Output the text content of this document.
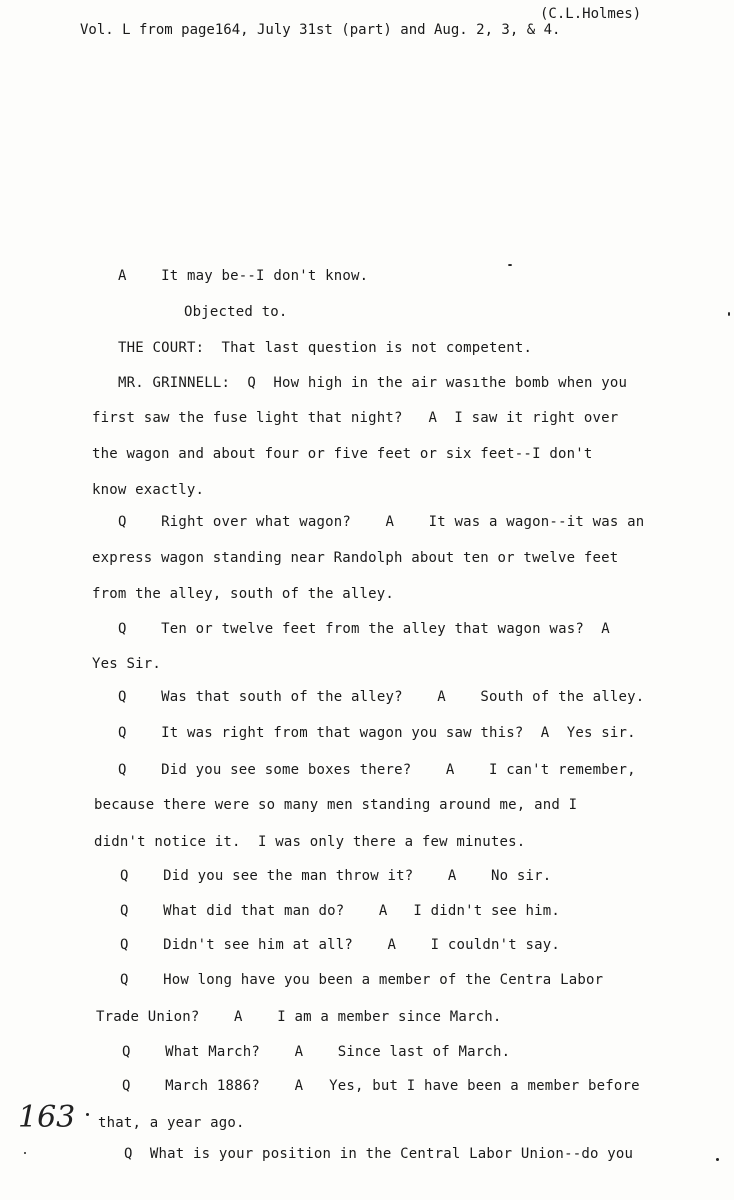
(C.L.Holmes)
Vol. L from page164, July 31st (part) and Aug. 2, 3, & 4.
A    It may be--I don't know.
Objected to.
THE COURT:  That last question is not competent.
MR. GRINNELL:  Q  How high in the air wasıthe bomb when you
first saw the fuse light that night?   A  I saw it right over
the wagon and about four or five feet or six feet--I don't
know exactly.
Q    Right over what wagon?    A    It was a wagon--it was an
express wagon standing near Randolph about ten or twelve feet
from the alley, south of the alley.
Q    Ten or twelve feet from the alley that wagon was?  A
Yes Sir.
Q    Was that south of the alley?    A    South of the alley.
Q    It was right from that wagon you saw this?  A  Yes sir.
Q    Did you see some boxes there?    A    I can't remember,
because there were so many men standing around me, and I
didn't notice it.  I was only there a few minutes.
Q    Did you see the man throw it?    A    No sir.
Q    What did that man do?    A   I didn't see him.
Q    Didn't see him at all?    A    I couldn't say.
Q    How long have you been a member of the Centra Labor
Trade Union?    A    I am a member since March.
Q    What March?    A    Since last of March.
Q    March 1886?    A   Yes, but I have been a member before
that, a year ago.
Q  What is your position in the Central Labor Union--do you
163
